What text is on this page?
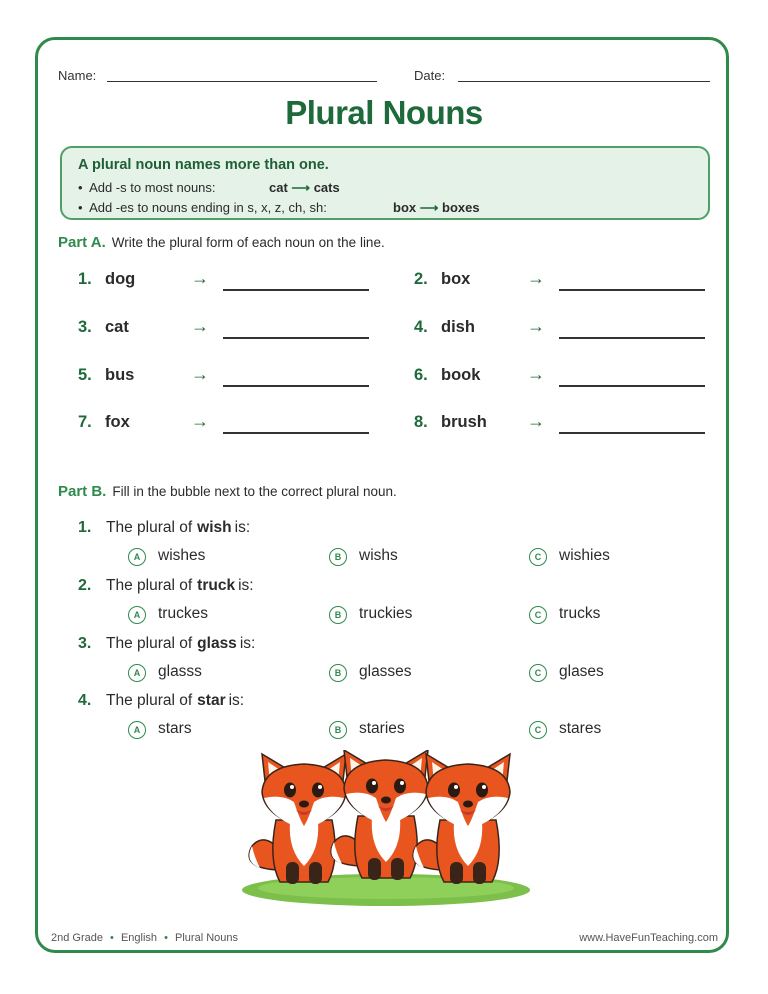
Name:	Date:
Plural Nouns
A plural noun names more than one.
•  Add -s to most nouns:	cat ⟶ cats
•  Add -es to nouns ending in s, x, z, ch, sh:	box ⟶ boxes
Part A. Write the plural form of each noun on the line.
1. dog	→	2. box	→
3. cat	→	4. dish	→
5. bus	→	6. book	→
7. fox	→	8. brush →
Part B. Fill in the bubble next to the correct plural noun.
1. The plural of wish is:
A	wishes	B	wishs	C	wishies
2. The plural of truck is:
A	truckes	B	truckies	C	trucks
3. The plural of glass is:
A	glasss	B	glasses	C	glases
4. The plural of star is:
A	stars	B	staries	C	stares
2nd Grade • English • Plural Nouns	www.HaveFunTeaching.com
